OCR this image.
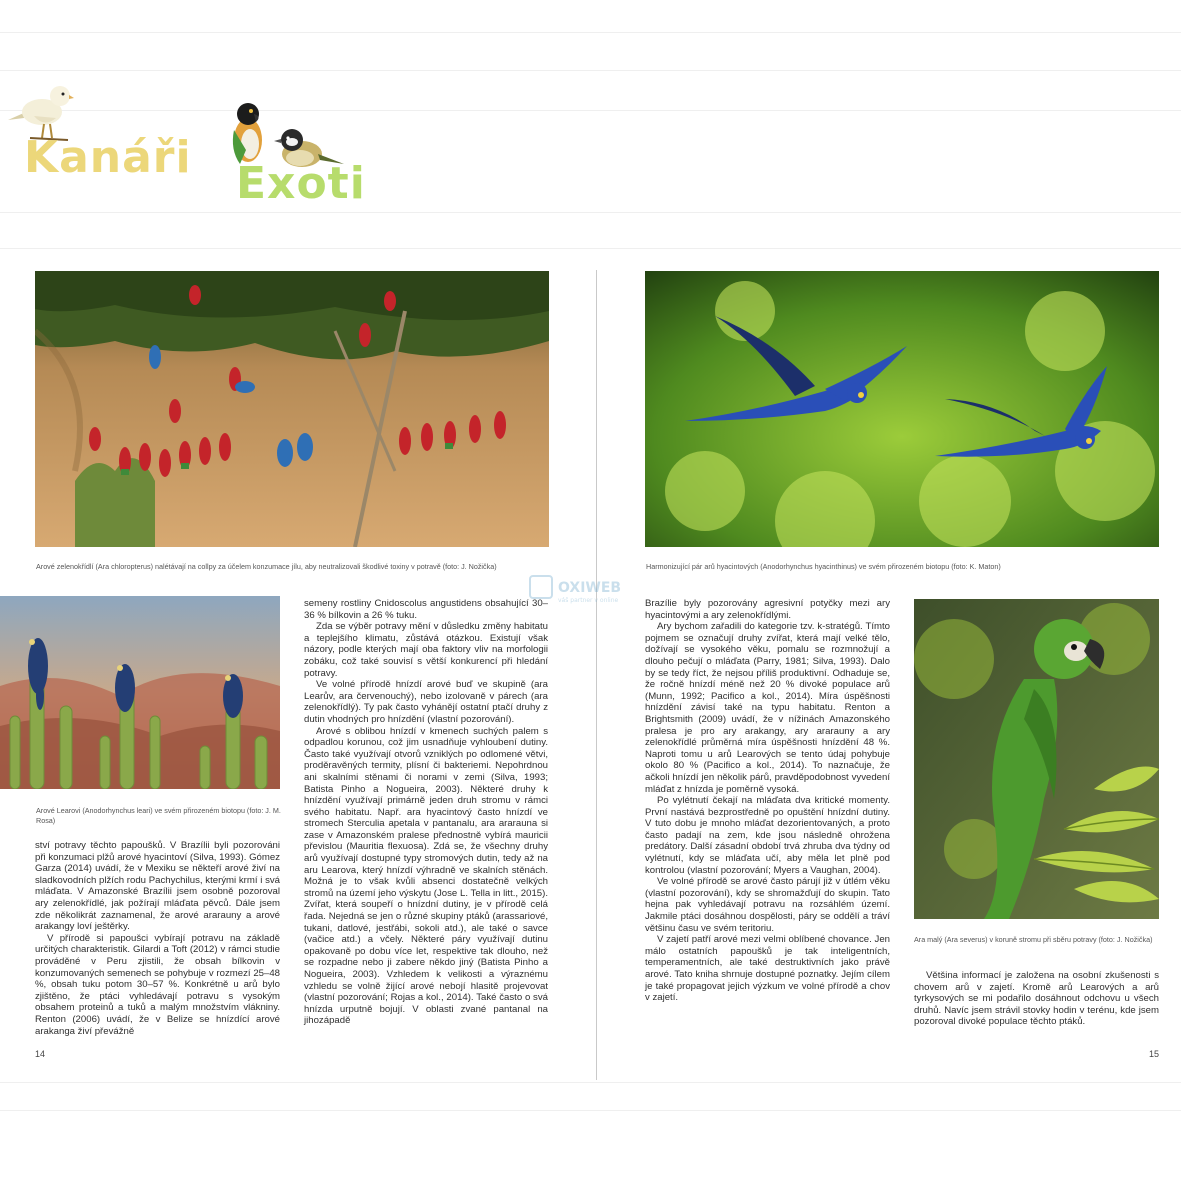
Kanáři
Exoti
Arové zelenokřídlí (Ara chloropterus) nalétávají na collpy za účelem konzumace jílu, aby neutralizovali škodlivé toxiny v potravě (foto: J. Nožička)
Arové Learovi (Anodorhynchus leari) ve svém přirozeném biotopu (foto: J. M. Rosa)

ství potravy těchto papoušků. V Brazílii byli pozorováni při konzumaci plžů arové hyacintoví (Silva, 1993). Gómez Garza (2014) uvádí, že v Mexiku se někteří arové živí na sladkovodních plžích rodu Pachychilus, kterými krmí i svá mláďata. V Amazonské Brazílii jsem osobně pozoroval ary zelenokřídlé, jak požírají mláďata pěvců. Dále jsem zde několikrát zaznamenal, že arové ararauny a arové arakangy loví ještěrky.

V přírodě si papoušci vybírají potravu na základě určitých charakteristik. Gilardi a Toft (2012) v rámci studie prováděné v Peru zjistili, že obsah bílkovin v konzumovaných semenech se pohybuje v rozmezí 25–48 %, obsah tuku potom 30–57 %. Konkrétně u arů bylo zjištěno, že ptáci vyhledávají potravu s vysokým obsahem proteinů a tuků a malým množstvím vlákniny. Renton (2006) uvádí, že v Belize se hnízdící arové arakanga živí převážně

semeny rostliny Cnidoscolus angustidens obsahující 30–36 % bílkovin a 26 % tuku.

Zda se výběr potravy mění v důsledku změny habitatu a teplejšího klimatu, zůstává otázkou. Existují však názory, podle kterých mají oba faktory vliv na morfologii zobáku, což také souvisí s větší konkurencí při hledání potravy.

Ve volné přírodě hnízdí arové buď ve skupině (ara Learův, ara červenouchý), nebo izolovaně v párech (ara zelenokřídlý). Ty pak často vyhánějí ostatní ptačí druhy z dutin vhodných pro hnízdění (vlastní pozorování).

Arové s oblibou hnízdí v kmenech suchých palem s odpadlou korunou, což jim usnadňuje vyhloubení dutiny. Často také využívají otvorů vzniklých po odlomené větvi, proděravěných termity, plísní či bakteriemi. Nepohrdnou ani skalními stěnami či norami v zemi (Silva, 1993; Batista Pinho a Nogueira, 2003). Některé druhy k hnízdění využívají primárně jeden druh stromu v rámci svého habitatu. Např. ara hyacintový často hnízdí ve stromech Sterculia apetala v pantanalu, ara ararauna si zase v Amazonském pralese přednostně vybírá mauricii převislou (Mauritia flexuosa). Zdá se, že všechny druhy arů využívají dostupné typy stromových dutin, tedy až na aru Learova, který hnízdí výhradně ve skalních stěnách. Možná je to však kvůli absenci dostatečně velkých stromů na území jeho výskytu (Jose L. Tella in litt., 2015). Zvířat, která soupeří o hnízdní dutiny, je v přírodě celá řada. Nejedná se jen o různé skupiny ptáků (arassariové, tukani, datlové, jestřábi, sokoli atd.), ale také o savce (vačice atd.) a včely. Některé páry využívají dutinu opakovaně po dobu více let, respektive tak dlouho, než se rozpadne nebo ji zabere někdo jiný (Batista Pinho a Nogueira, 2003). Vzhledem k velikosti a výraznému vzhledu se volně žijící arové nebojí hlasitě projevovat (vlastní pozorování; Rojas a kol., 2014). Také často o svá hnízda urputně bojují. V oblasti zvané pantanal na jihozápadě

14
OXIWEB
váš partner v online
Harmonizující pár arů hyacintových (Anodorhynchus hyacinthinus) ve svém přirozeném biotopu (foto: K. Maton)
Ara malý (Ara severus) v koruně stromu při sběru potravy (foto: J. Nožička)

Brazílie byly pozorovány agresivní potyčky mezi ary hyacintovými a ary zelenokřídlými.

Ary bychom zařadili do kategorie tzv. k-stratégů. Tímto pojmem se označují druhy zvířat, která mají velké tělo, dožívají se vysokého věku, pomalu se rozmnožují a dlouho pečují o mláďata (Parry, 1981; Silva, 1993). Dalo by se tedy říct, že nejsou příliš produktivní. Odhaduje se, že ročně hnízdí méně než 20 % divoké populace arů (Munn, 1992; Pacifico a kol., 2014). Míra úspěšnosti hnízdění závisí také na typu habitatu. Renton a Brightsmith (2009) uvádí, že v nížinách Amazonského pralesa je pro ary arakangy, ary ararauny a ary zelenokřídlé průměrná míra úspěšnosti hnízdění 48 %. Naproti tomu u arů Learových se tento údaj pohybuje okolo 80 % (Pacifico a kol., 2014). To naznačuje, že ačkoli hnízdí jen několik párů, pravděpodobnost vyvedení mláďat z hnízda je poměrně vysoká.

Po vylétnutí čekají na mláďata dva kritické momenty. První nastává bezprostředně po opuštění hnízdní dutiny. V tuto dobu je mnoho mláďat dezorientovaných, a proto často padají na zem, kde jsou následně ohrožena predátory. Další zásadní období trvá zhruba dva týdny od vylétnutí, kdy se mláďata učí, aby měla let plně pod kontrolou (vlastní pozorování; Myers a Vaughan, 2004).

Ve volné přírodě se arové často párují již v útlém věku (vlastní pozorování), kdy se shromažďují do skupin. Tato hejna pak vyhledávají potravu na rozsáhlém území. Jakmile ptáci dosáhnou dospělosti, páry se oddělí a tráví většinu času ve svém teritoriu.

V zajetí patří arové mezi velmi oblíbené chovance. Jen málo ostatních papoušků je tak inteligentních, temperamentních, ale také destruktivních jako právě arové. Tato kniha shrnuje dostupné poznatky. Jejím cílem je také propagovat jejich výzkum ve volné přírodě a chov v zajetí.

Většina informací je založena na osobní zkušenosti s chovem arů v zajetí. Kromě arů Learových a arů tyrkysových se mi podařilo dosáhnout odchovu u všech druhů. Navíc jsem strávil stovky hodin v terénu, kde jsem pozoroval divoké populace těchto ptáků.

15
